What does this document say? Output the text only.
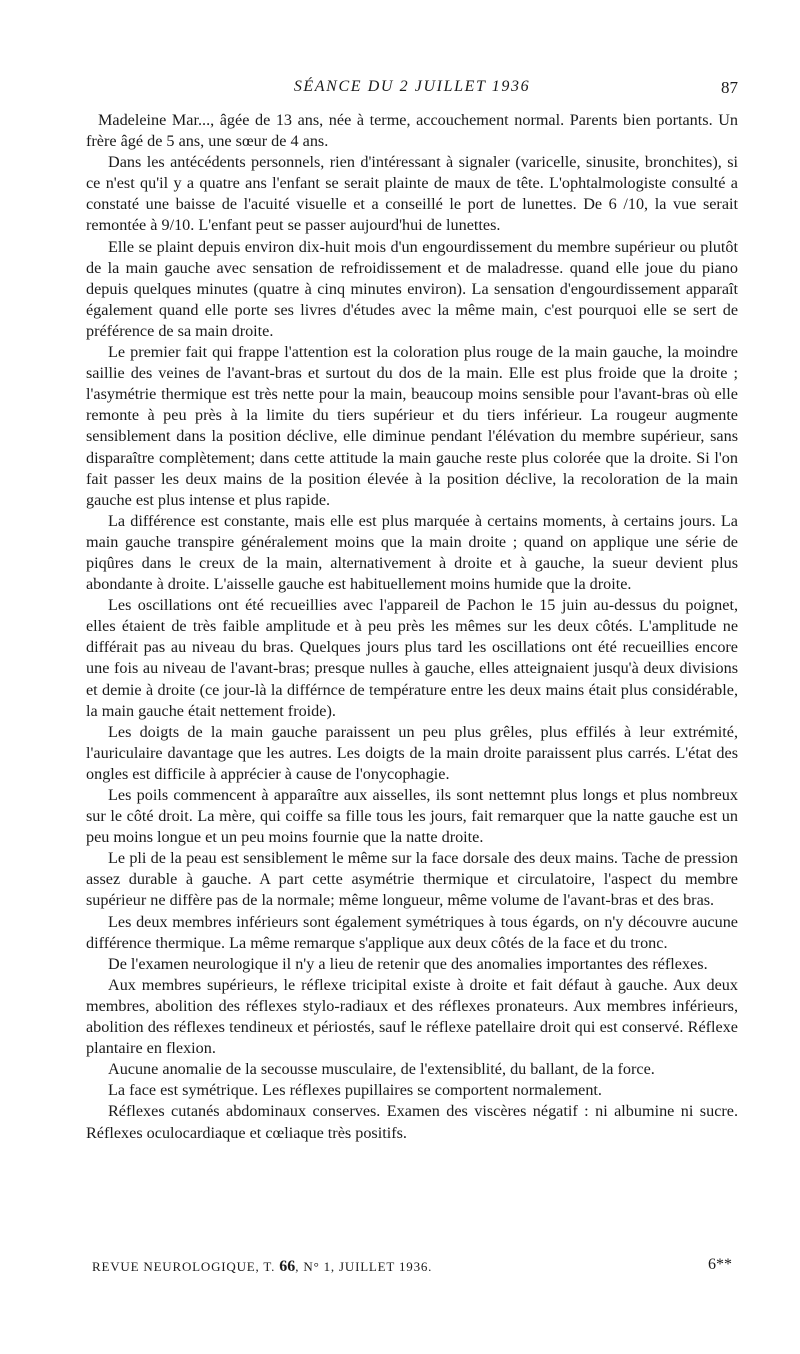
SÉANCE DU 2 JUILLET 1936	87

Madeleine Mar..., âgée de 13 ans, née à terme, accouchement normal. Parents bien portants. Un frère âgé de 5 ans, une sœur de 4 ans.

Dans les antécédents personnels, rien d'intéressant à signaler (varicelle, sinusite, bronchites), si ce n'est qu'il y a quatre ans l'enfant se serait plainte de maux de tête. L'ophtalmologiste consulté a constaté une baisse de l'acuité visuelle et a conseillé le port de lunettes. De 6 /10, la vue serait remontée à 9/10. L'enfant peut se passer aujourd'hui de lunettes.

Elle se plaint depuis environ dix-huit mois d'un engourdissement du membre supérieur ou plutôt de la main gauche avec sensation de refroidissement et de maladresse. quand elle joue du piano depuis quelques minutes (quatre à cinq minutes environ). La sensation d'engourdissement apparaît également quand elle porte ses livres d'études avec la même main, c'est pourquoi elle se sert de préférence de sa main droite.

Le premier fait qui frappe l'attention est la coloration plus rouge de la main gauche, la moindre saillie des veines de l'avant-bras et surtout du dos de la main. Elle est plus froide que la droite ; l'asymétrie thermique est très nette pour la main, beaucoup moins sensible pour l'avant-bras où elle remonte à peu près à la limite du tiers supérieur et du tiers inférieur. La rougeur augmente sensiblement dans la position déclive, elle diminue pendant l'élévation du membre supérieur, sans disparaître complètement; dans cette attitude la main gauche reste plus colorée que la droite. Si l'on fait passer les deux mains de la position élevée à la position déclive, la recoloration de la main gauche est plus intense et plus rapide.

La différence est constante, mais elle est plus marquée à certains moments, à certains jours. La main gauche transpire généralement moins que la main droite ; quand on applique une série de piqûres dans le creux de la main, alternativement à droite et à gauche, la sueur devient plus abondante à droite. L'aisselle gauche est habituellement moins humide que la droite.

Les oscillations ont été recueillies avec l'appareil de Pachon le 15 juin au-dessus du poignet, elles étaient de très faible amplitude et à peu près les mêmes sur les deux côtés. L'amplitude ne différait pas au niveau du bras. Quelques jours plus tard les oscillations ont été recueillies encore une fois au niveau de l'avant-bras; presque nulles à gauche, elles atteignaient jusqu'à deux divisions et demie à droite (ce jour-là la différnce de température entre les deux mains était plus considérable, la main gauche était nettement froide).

Les doigts de la main gauche paraissent un peu plus grêles, plus effilés à leur extrémité, l'auriculaire davantage que les autres. Les doigts de la main droite paraissent plus carrés. L'état des ongles est difficile à apprécier à cause de l'onycophagie.

Les poils commencent à apparaître aux aisselles, ils sont nettemnt plus longs et plus nombreux sur le côté droit. La mère, qui coiffe sa fille tous les jours, fait remarquer que la natte gauche est un peu moins longue et un peu moins fournie que la natte droite.

Le pli de la peau est sensiblement le même sur la face dorsale des deux mains. Tache de pression assez durable à gauche. A part cette asymétrie thermique et circulatoire, l'aspect du membre supérieur ne diffère pas de la normale; même longueur, même volume de l'avant-bras et des bras.

Les deux membres inférieurs sont également symétriques à tous égards, on n'y découvre aucune différence thermique. La même remarque s'applique aux deux côtés de la face et du tronc.

De l'examen neurologique il n'y a lieu de retenir que des anomalies importantes des réflexes.

Aux membres supérieurs, le réflexe tricipital existe à droite et fait défaut à gauche. Aux deux membres, abolition des réflexes stylo-radiaux et des réflexes pronateurs. Aux membres inférieurs, abolition des réflexes tendineux et périostés, sauf le réflexe patellaire droit qui est conservé. Réflexe plantaire en flexion.

Aucune anomalie de la secousse musculaire, de l'extensiblité, du ballant, de la force.

La face est symétrique. Les réflexes pupillaires se comportent normalement.

Réflexes cutanés abdominaux conserves. Examen des viscères négatif : ni albumine ni sucre. Réflexes oculocardiaque et cœliaque très positifs.

REVUE NEUROLOGIQUE, T. 66, N° 1, JUILLET 1936.	6**
